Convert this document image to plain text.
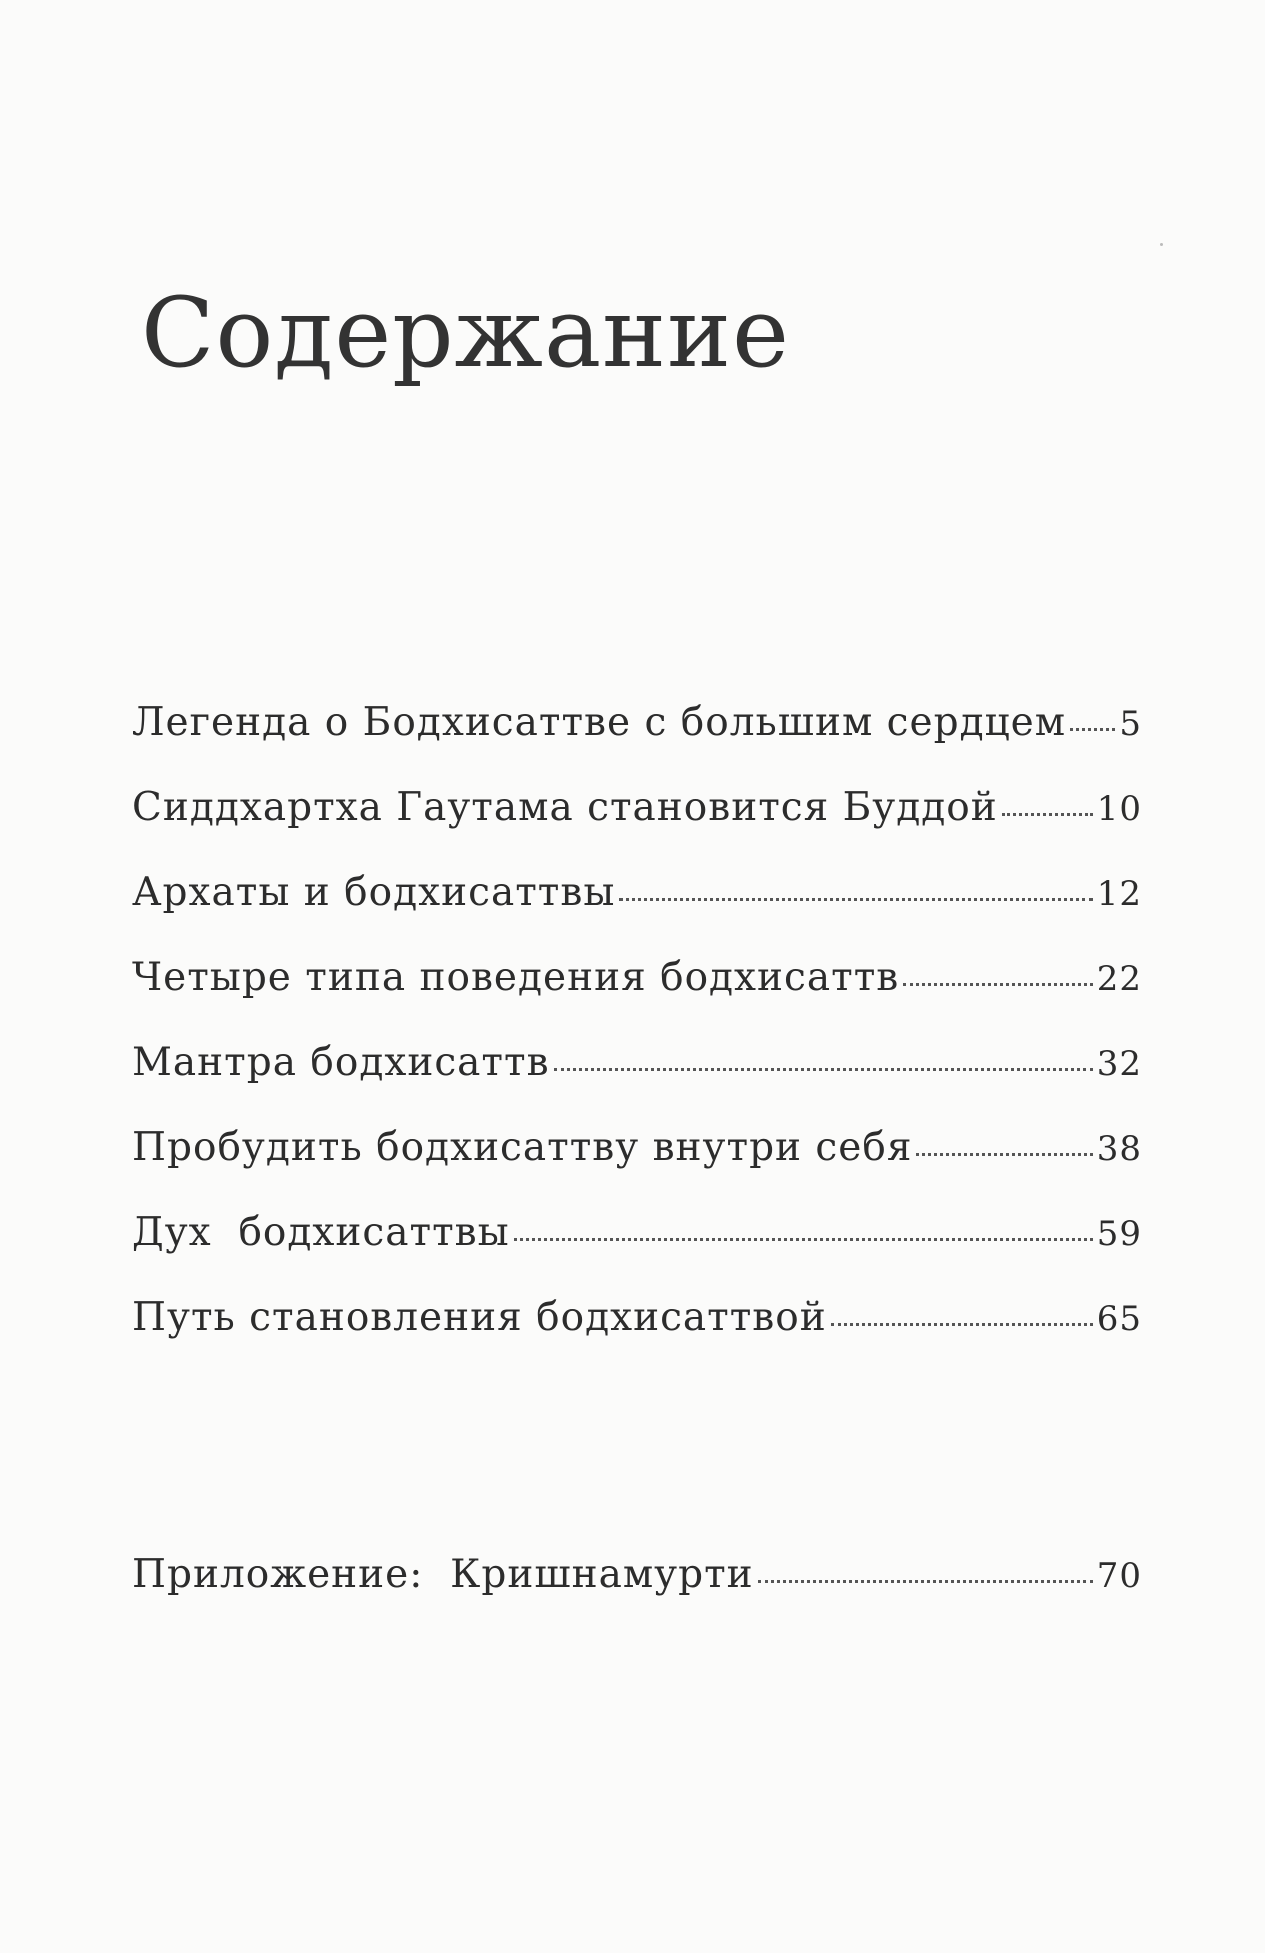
Содержание
Легенда о Бодхисаттве с большим сердцем 5
Сиддхартха Гаутама становится Буддой	10
Архаты и бодхисаттвы	12
Четыре типа поведения бодхисаттв	22
Мантра бодхисаттв	32
Пробудить бодхисаттву внутри себя	38
Дух  бодхисаттвы	59
Путь становления бодхисаттвой	65
Приложение:  Кришнамурти	70
